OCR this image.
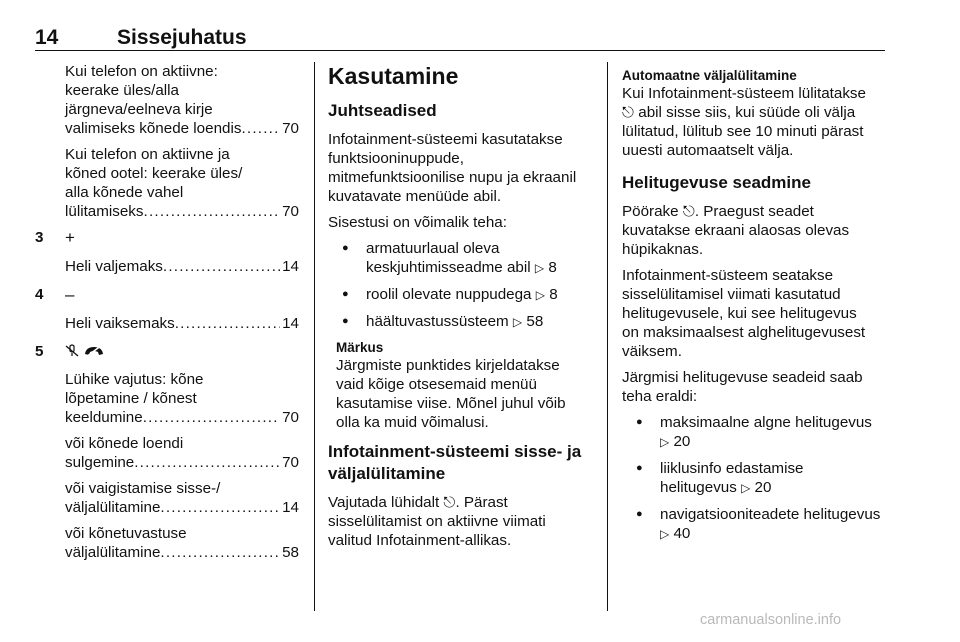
14	Sissejuhatus
Kui telefon on aktiivne:
keerake üles/alla
järgneva/eelneva kirje
valimiseks kõnede loendis . . .	70
Kui telefon on aktiivne ja
kõned ootel: keerake üles/
alla kõnede vahel
lülitamiseks . . .	70
3 +
Heli valjemaks . . .	14
4 –
Heli vaiksemaks . . .	14
5

Lühike vajutus: kõne
lõpetamine / kõnest
keeldumine . . .	70
või kõnede loendi
sulgemine . . .	70
või vaigistamise sisse-/
väljalülitamine . . .	14
või kõnetuvastuse
väljalülitamine . . .	58
Kasutamine
Juhtseadised
Infotainment-süsteemi kasutatakse
funktsiooninuppude,
mitmefunktsioonilise nupu ja ekraanil
kuvatavate menüüde abil.
Sisestusi on võimalik teha:
● armatuurlaual oleva
keskjuhtimisseadme abil ▷ 8
● roolil olevate nuppudega ▷ 8
● häältuvastussüsteem ▷ 58
Märkus
Järgmiste punktides kirjeldatakse
vaid kõige otsesemaid menüü
kasutamise viise. Mõnel juhul võib
olla ka muid võimalusi.
Infotainment-süsteemi sisse- ja
väljalülitamine
Vajutada lühidalt ⎋. Pärast
sisselülitamist on aktiivne viimati
valitud Infotainment-allikas.
Automaatne väljalülitamine
Kui Infotainment-süsteem lülitatakse
⎋ abil sisse siis, kui süüde oli välja
lülitatud, lülitub see 10 minuti pärast
uuesti automaatselt välja.
Helitugevuse seadmine
Pöörake ⎋. Praegust seadet
kuvatakse ekraani alaosas olevas
hüpikaknas.
Infotainment-süsteem seatakse
sisselülitamisel viimati kasutatud
helitugevusele, kui see helitugevus
on maksimaalsest alghelitugevusest
väiksem.
Järgmisi helitugevuse seadeid saab
teha eraldi:
● maksimaalne algne helitugevus
▷ 20
● liiklusinfo edastamise
helitugevus ▷ 20
● navigatsiooniteadete helitugevus
▷ 40
carmanualsonline.info
